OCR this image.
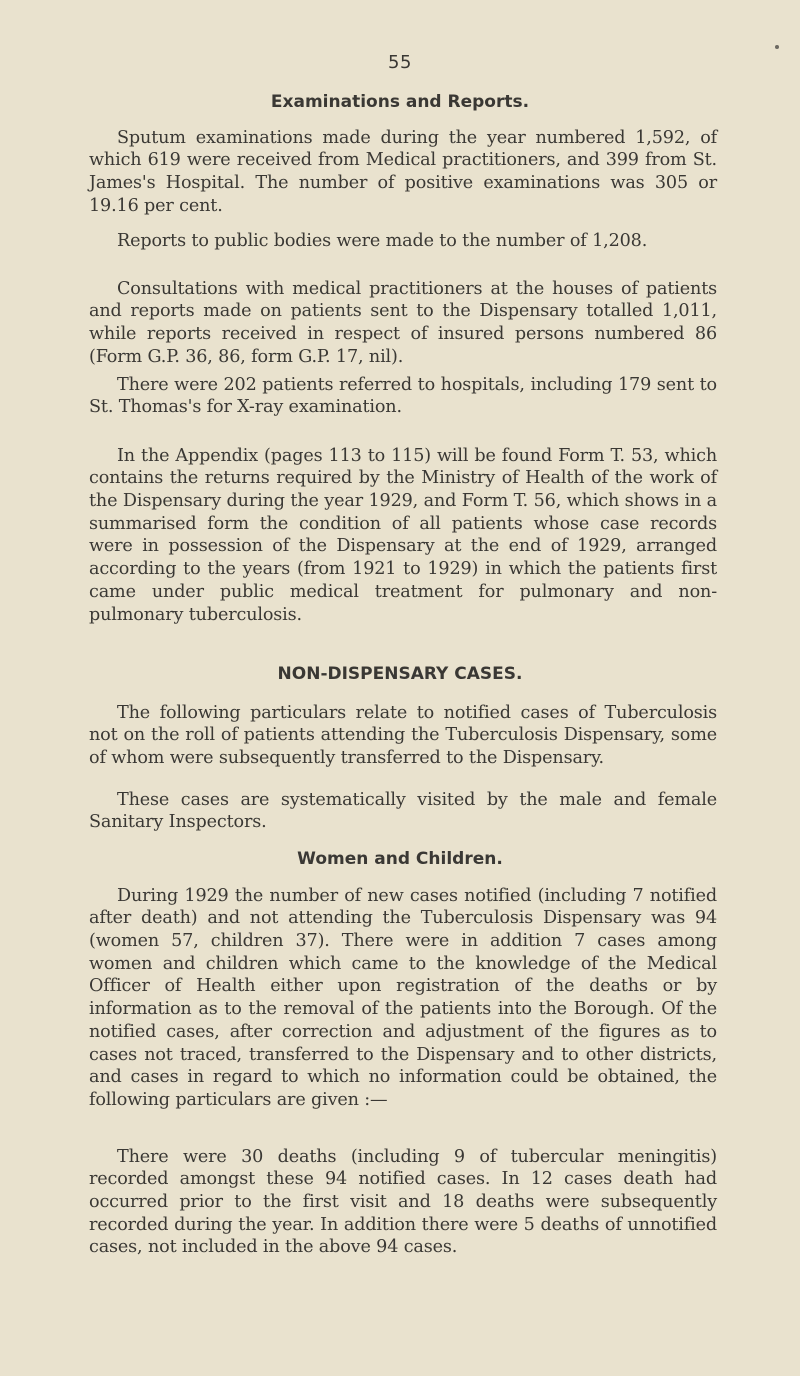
55
Examinations and Reports.

Sputum examinations made during the year numbered 1,592, of which 619 were received from Medical practitioners, and 399 from St. James's Hospital. The number of positive examinations was 305 or 19.16 per cent.

Reports to public bodies were made to the number of 1,208.

Consultations with medical practitioners at the houses of patients and reports made on patients sent to the Dispensary totalled 1,011, while reports received in respect of insured persons numbered 86 (Form G.P. 36, 86, form G.P. 17, nil).

There were 202 patients referred to hospitals, including 179 sent to St. Thomas's for X-ray examination.

In the Appendix (pages 113 to 115) will be found Form T. 53, which contains the returns required by the Ministry of Health of the work of the Dispensary during the year 1929, and Form T. 56, which shows in a summarised form the condition of all patients whose case records were in possession of the Dispensary at the end of 1929, arranged according to the years (from 1921 to 1929) in which the patients first came under public medical treatment for pulmonary and non-pulmonary tuberculosis.

NON-DISPENSARY CASES.

The following particulars relate to notified cases of Tuberculosis not on the roll of patients attending the Tuberculosis Dispensary, some of whom were subsequently transferred to the Dispensary.

These cases are systematically visited by the male and female Sanitary Inspectors.

Women and Children.

During 1929 the number of new cases notified (including 7 notified after death) and not attending the Tuberculosis Dispensary was 94 (women 57, children 37). There were in addition 7 cases among women and children which came to the knowledge of the Medical Officer of Health either upon registration of the deaths or by information as to the removal of the patients into the Borough. Of the notified cases, after correction and adjustment of the figures as to cases not traced, transferred to the Dispensary and to other districts, and cases in regard to which no information could be obtained, the following particulars are given :—

There were 30 deaths (including 9 of tubercular meningitis) recorded amongst these 94 notified cases. In 12 cases death had occurred prior to the first visit and 18 deaths were subsequently recorded during the year. In addition there were 5 deaths of unnotified cases, not included in the above 94 cases.
